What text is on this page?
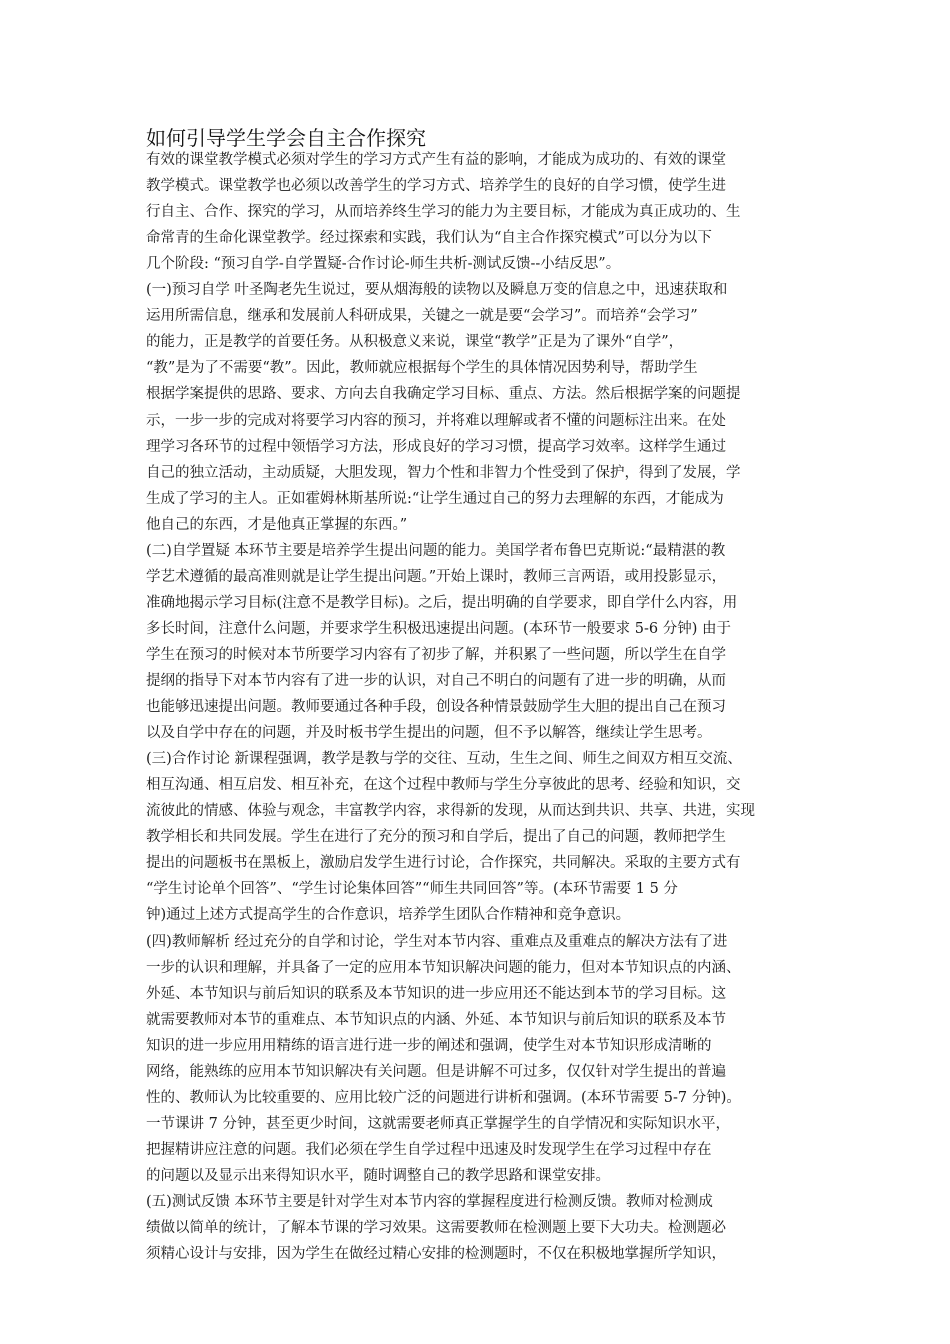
如何引导学生学会自主合作探究

有效的课堂教学模式必须对学生的学习方式产生有益的影响，才能成为成功的、有效的课堂

教学模式。课堂教学也必须以改善学生的学习方式、培养学生的良好的自学习惯，使学生进

行自主、合作、探究的学习，从而培养终生学习的能力为主要目标，才能成为真正成功的、生

命常青的生命化课堂教学。经过探索和实践，我们认为“自主合作探究模式”可以分为以下

几个阶段: “预习自学-自学置疑-合作讨论-师生共析-测试反馈--小结反思”。

(一)预习自学 叶圣陶老先生说过，要从烟海般的读物以及瞬息万变的信息之中，迅速获取和

运用所需信息，继承和发展前人科研成果，关键之一就是要“会学习”。而培养“会学习”

的能力，正是教学的首要任务。从积极意义来说，课堂“教学”正是为了课外“自学”，

“教”是为了不需要“教”。因此，教师就应根据每个学生的具体情况因势利导，帮助学生

根据学案提供的思路、要求、方向去自我确定学习目标、重点、方法。然后根据学案的问题提

示，一步一步的完成对将要学习内容的预习，并将难以理解或者不懂的问题标注出来。在处

理学习各环节的过程中领悟学习方法，形成良好的学习习惯，提高学习效率。这样学生通过

自己的独立活动，主动质疑，大胆发现，智力个性和非智力个性受到了保护，得到了发展，学

生成了学习的主人。正如霍姆林斯基所说:“让学生通过自己的努力去理解的东西，才能成为

他自己的东西，才是他真正掌握的东西。”

(二)自学置疑 本环节主要是培养学生提出问题的能力。美国学者布鲁巴克斯说:“最精湛的教

学艺术遵循的最高准则就是让学生提出问题。”开始上课时，教师三言两语，或用投影显示，

准确地揭示学习目标(注意不是教学目标)。之后，提出明确的自学要求，即自学什么内容，用

多长时间，注意什么问题，并要求学生积极迅速提出问题。(本环节一般要求 5-6 分钟) 由于

学生在预习的时候对本节所要学习内容有了初步了解，并积累了一些问题，所以学生在自学

提纲的指导下对本节内容有了进一步的认识，对自己不明白的问题有了进一步的明确，从而

也能够迅速提出问题。教师要通过各种手段，创设各种情景鼓励学生大胆的提出自己在预习

以及自学中存在的问题，并及时板书学生提出的问题，但不予以解答，继续让学生思考。

(三)合作讨论 新课程强调，教学是教与学的交往、互动，生生之间、师生之间双方相互交流、

相互沟通、相互启发、相互补充，在这个过程中教师与学生分享彼此的思考、经验和知识，交

流彼此的情感、体验与观念，丰富教学内容，求得新的发现，从而达到共识、共享、共进，实现

教学相长和共同发展。学生在进行了充分的预习和自学后，提出了自己的问题，教师把学生

提出的问题板书在黑板上，激励启发学生进行讨论，合作探究，共同解决。采取的主要方式有

“学生讨论单个回答”、“学生讨论集体回答”“师生共同回答”等。(本环节需要 1 5 分

钟)通过上述方式提高学生的合作意识，培养学生团队合作精神和竞争意识。

(四)教师解析 经过充分的自学和讨论，学生对本节内容、重难点及重难点的解决方法有了进

一步的认识和理解，并具备了一定的应用本节知识解决问题的能力，但对本节知识点的内涵、

外延、本节知识与前后知识的联系及本节知识的进一步应用还不能达到本节的学习目标。这

就需要教师对本节的重难点、本节知识点的内涵、外延、本节知识与前后知识的联系及本节

知识的进一步应用用精练的语言进行进一步的阐述和强调，使学生对本节知识形成清晰的

网络，能熟练的应用本节知识解决有关问题。但是讲解不可过多，仅仅针对学生提出的普遍

性的、教师认为比较重要的、应用比较广泛的问题进行讲析和强调。(本环节需要 5-7 分钟)。

一节课讲 7 分钟，甚至更少时间，这就需要老师真正掌握学生的自学情况和实际知识水平，

把握精讲应注意的问题。我们必须在学生自学过程中迅速及时发现学生在学习过程中存在

的问题以及显示出来得知识水平，随时调整自己的教学思路和课堂安排。

(五)测试反馈 本环节主要是针对学生对本节内容的掌握程度进行检测反馈。教师对检测成

绩做以简单的统计，了解本节课的学习效果。这需要教师在检测题上要下大功夫。检测题必

须精心设计与安排，因为学生在做经过精心安排的检测题时，不仅在积极地掌握所学知识，
